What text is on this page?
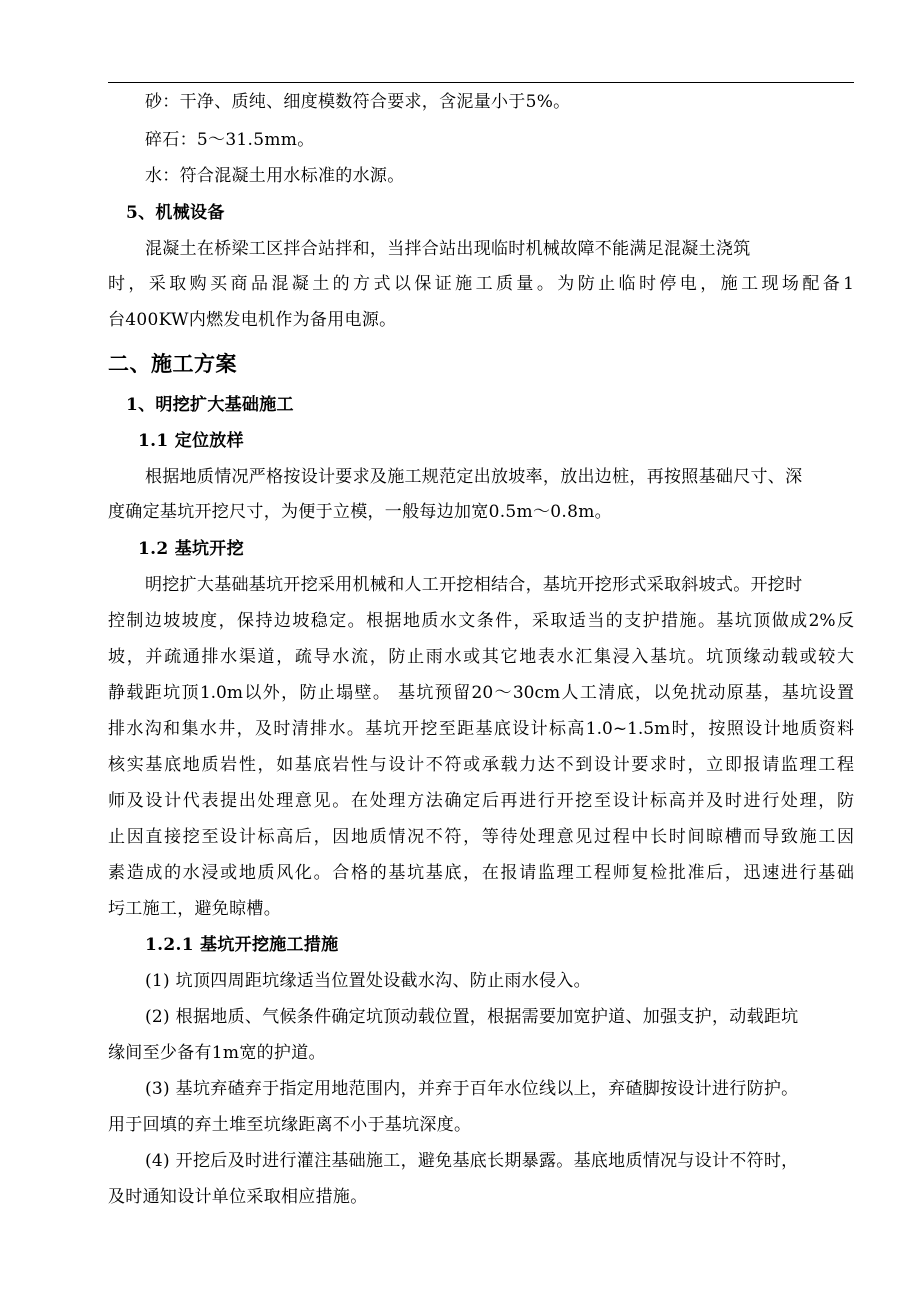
砂：干净、质纯、细度模数符合要求，含泥量小于5%。
碎石：5～31.5mm。
水：符合混凝土用水标准的水源。
5、机械设备
混凝土在桥梁工区拌合站拌和，当拌合站出现临时机械故障不能满足混凝土浇筑
时，采取购买商品混凝土的方式以保证施工质量。为防止临时停电，施工现场配备1
台400KW内燃发电机作为备用电源。
二、施工方案
1、明挖扩大基础施工
1.1 定位放样
根据地质情况严格按设计要求及施工规范定出放坡率，放出边桩，再按照基础尺寸、深
度确定基坑开挖尺寸，为便于立模，一般每边加宽0.5m～0.8m。
1.2 基坑开挖
明挖扩大基础基坑开挖采用机械和人工开挖相结合，基坑开挖形式采取斜坡式。开挖时
控制边坡坡度，保持边坡稳定。根据地质水文条件，采取适当的支护措施。基坑顶做成2%反
坡，并疏通排水渠道，疏导水流，防止雨水或其它地表水汇集浸入基坑。坑顶缘动载或较大
静载距坑顶1.0m以外，防止塌壁。 基坑预留20～30cm人工清底，以免扰动原基，基坑设置
排水沟和集水井，及时清排水。基坑开挖至距基底设计标高1.0~1.5m时，按照设计地质资料
核实基底地质岩性，如基底岩性与设计不符或承载力达不到设计要求时，立即报请监理工程
师及设计代表提出处理意见。在处理方法确定后再进行开挖至设计标高并及时进行处理，防
止因直接挖至设计标高后，因地质情况不符，等待处理意见过程中长时间晾槽而导致施工因
素造成的水浸或地质风化。合格的基坑基底，在报请监理工程师复检批准后，迅速进行基础
圬工施工，避免晾槽。
1.2.1 基坑开挖施工措施
(1) 坑顶四周距坑缘适当位置处设截水沟、防止雨水侵入。
(2) 根据地质、气候条件确定坑顶动载位置，根据需要加宽护道、加强支护，动载距坑
缘间至少备有1m宽的护道。
(3) 基坑弃碴弃于指定用地范围内，并弃于百年水位线以上，弃碴脚按设计进行防护。
用于回填的弃土堆至坑缘距离不小于基坑深度。
(4) 开挖后及时进行灌注基础施工，避免基底长期暴露。基底地质情况与设计不符时，
及时通知设计单位采取相应措施。
